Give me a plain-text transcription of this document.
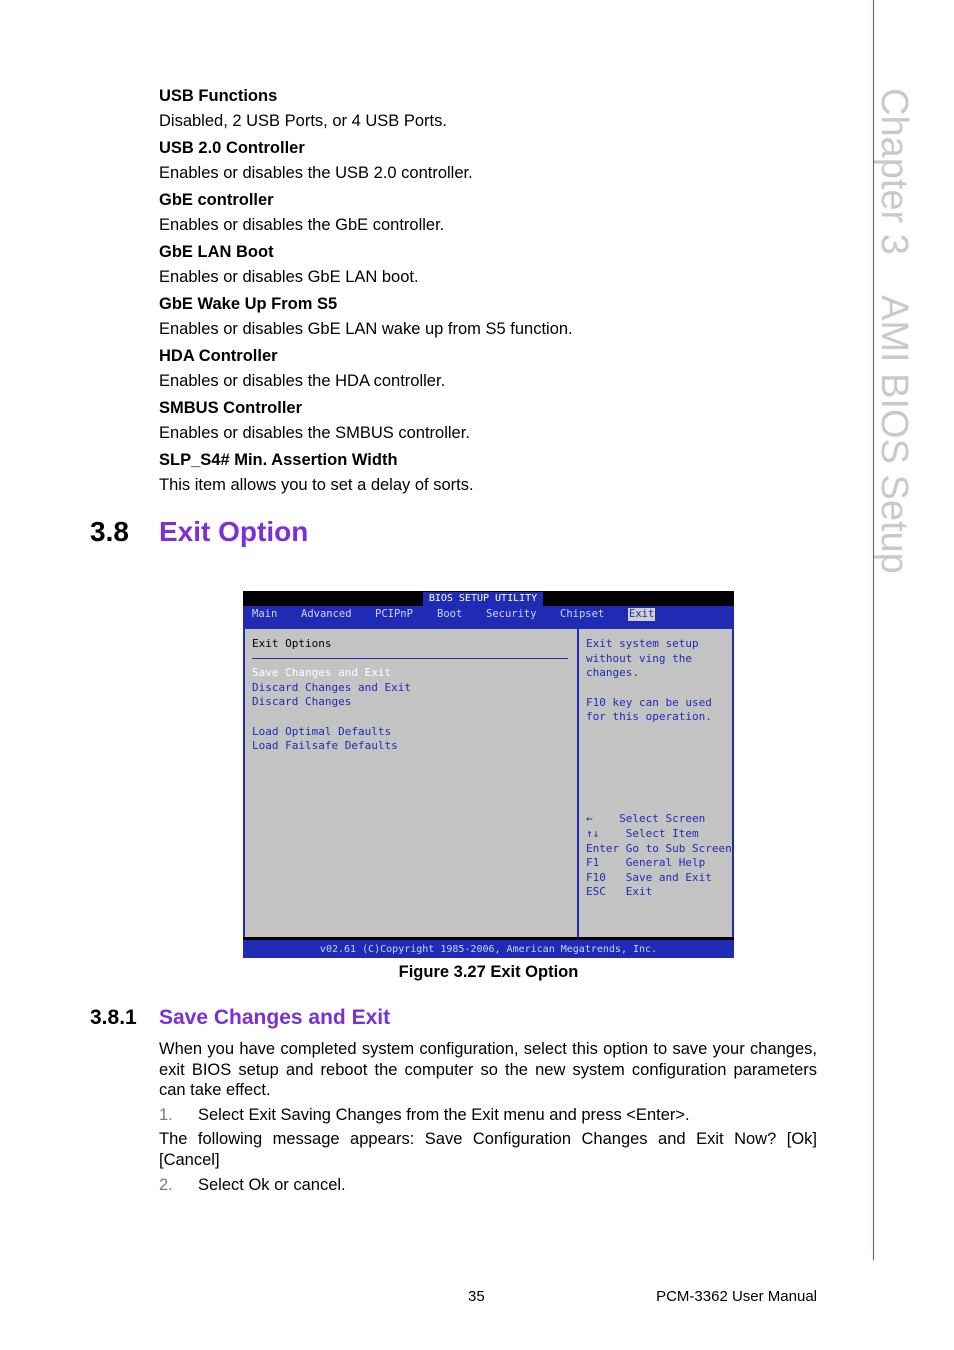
Chapter 3    AMI BIOS Setup
USB Functions
Disabled, 2 USB Ports, or 4 USB Ports.
USB 2.0 Controller
Enables or disables the USB 2.0 controller.
GbE controller
Enables or disables the GbE controller.
GbE LAN Boot
Enables or disables GbE LAN boot.
GbE Wake Up From S5
Enables or disables GbE LAN wake up from S5 function.
HDA Controller
Enables or disables the HDA controller.
SMBUS Controller
Enables or disables the SMBUS controller.
SLP_S4# Min. Assertion Width
This item allows you to set a delay of sorts.
3.8 Exit Option
BIOS SETUP UTILITY
Main Advanced PCIPnP Boot Security Chipset Exit
Exit Options
Save Changes and Exit
Discard Changes and Exit
Discard Changes
Load Optimal Defaults
Load Failsafe Defaults
Exit system setup
without ving the
changes.
F10 key can be used
for this operation.
←    Select Screen
↑↓    Select Item
Enter Go to Sub Screen
F1    General Help
F10   Save and Exit
ESC   Exit
v02.61 (C)Copyright 1985-2006, American Megatrends, Inc.
Figure 3.27 Exit Option
3.8.1 Save Changes and Exit
When you have completed system configuration, select this option to save your changes, exit BIOS setup and reboot the computer so the new system configuration parameters can take effect.
1. Select Exit Saving Changes from the Exit menu and press <Enter>.
The following message appears: Save Configuration Changes and Exit Now? [Ok] [Cancel]
2. Select Ok or cancel.
35	PCM-3362 User Manual
